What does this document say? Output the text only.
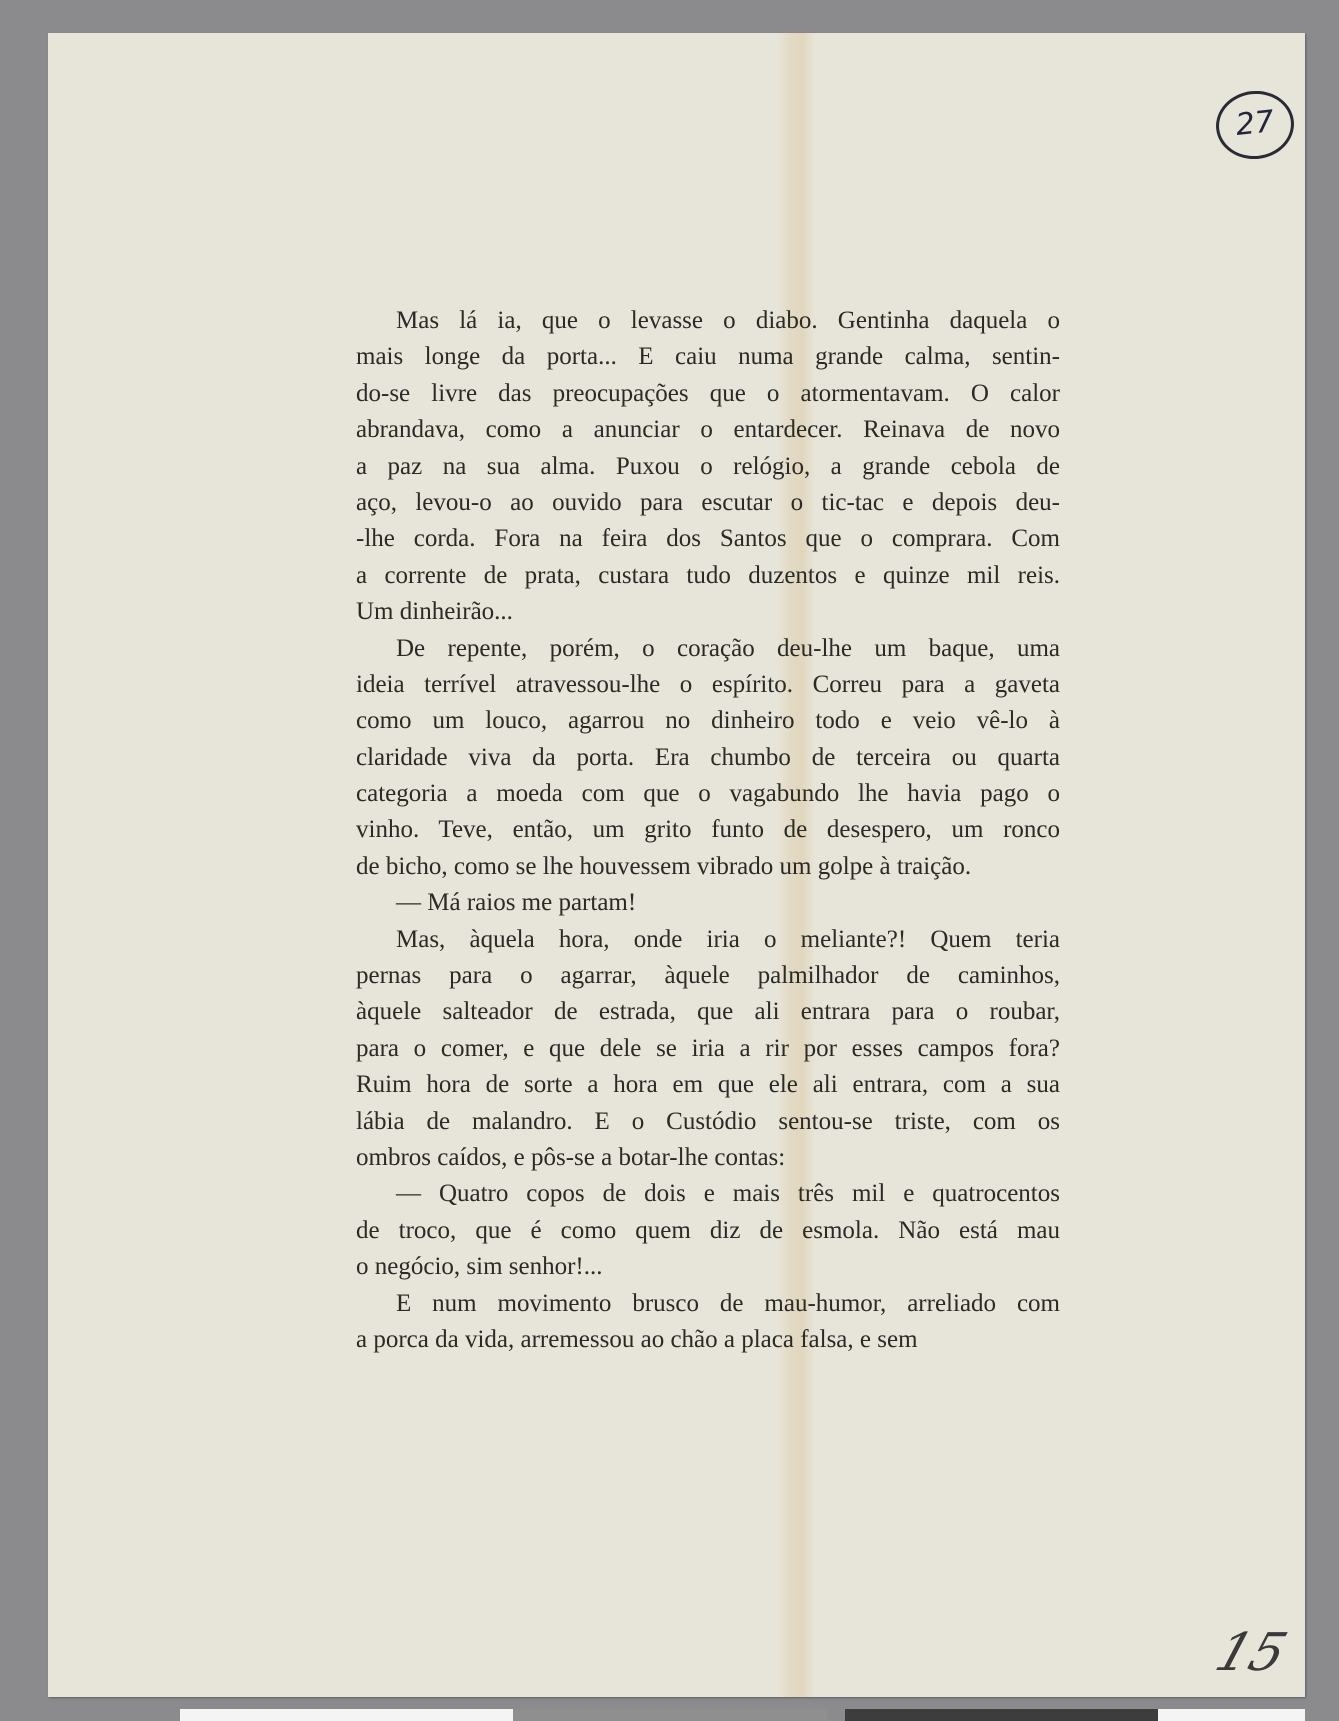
27
15
Mas lá ia, que o levasse o diabo. Gentinha daquela o
mais longe da porta... E caiu numa grande calma, sentin-
do-se livre das preocupações que o atormentavam. O calor
abrandava, como a anunciar o entardecer. Reinava de novo
a paz na sua alma. Puxou o relógio, a grande cebola de
aço, levou-o ao ouvido para escutar o tic-tac e depois deu-
-lhe corda. Fora na feira dos Santos que o comprara. Com
a corrente de prata, custara tudo duzentos e quinze mil reis.
Um dinheirão...
De repente, porém, o coração deu-lhe um baque, uma
ideia terrível atravessou-lhe o espírito. Correu para a gaveta
como um louco, agarrou no dinheiro todo e veio vê-lo à
claridade viva da porta. Era chumbo de terceira ou quarta
categoria a moeda com que o vagabundo lhe havia pago o
vinho. Teve, então, um grito funto de desespero, um ronco
de bicho, como se lhe houvessem vibrado um golpe à traição.
— Má raios me partam!
Mas, àquela hora, onde iria o meliante?! Quem teria
pernas para o agarrar, àquele palmilhador de caminhos,
àquele salteador de estrada, que ali entrara para o roubar,
para o comer, e que dele se iria a rir por esses campos fora?
Ruim hora de sorte a hora em que ele ali entrara, com a sua
lábia de malandro. E o Custódio sentou-se triste, com os
ombros caídos, e pôs-se a botar-lhe contas:
— Quatro copos de dois e mais três mil e quatrocentos
de troco, que é como quem diz de esmola. Não está mau
o negócio, sim senhor!...
E num movimento brusco de mau-humor, arreliado com
a porca da vida, arremessou ao chão a placa falsa, e sem
